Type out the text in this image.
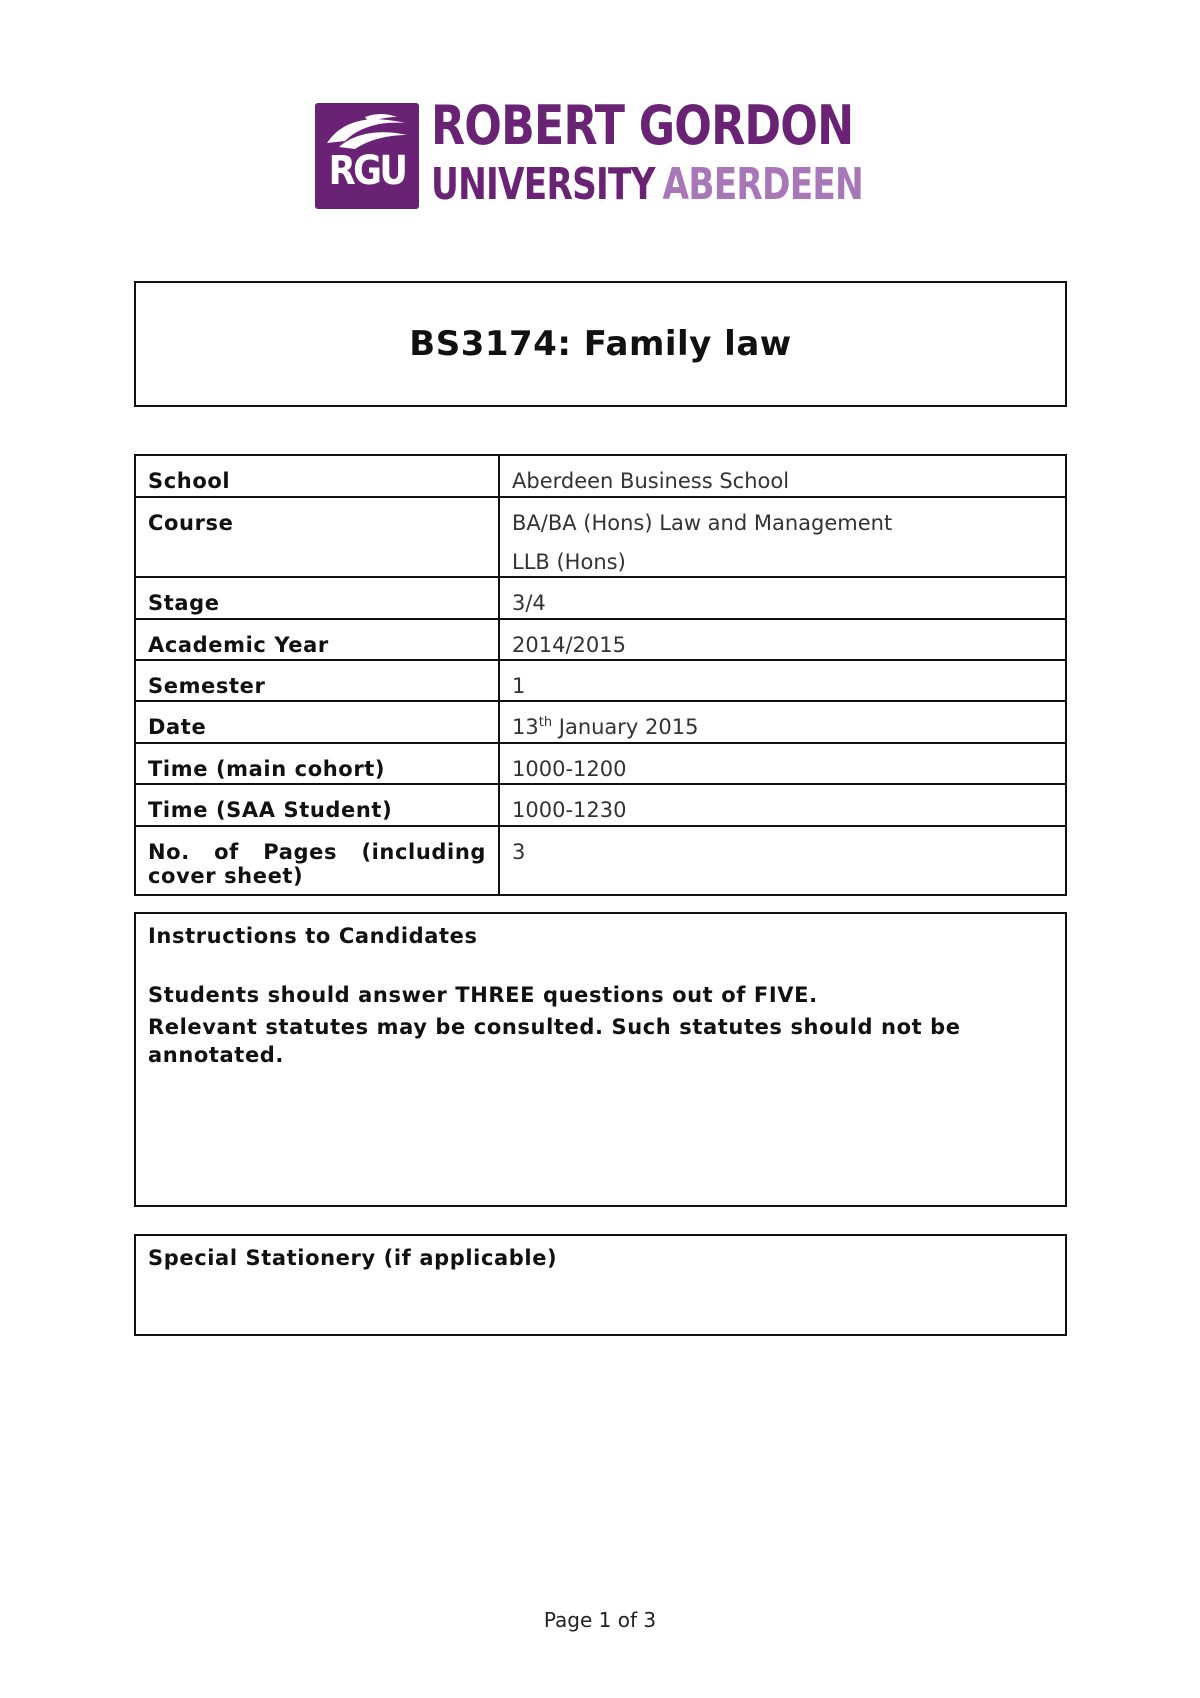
RGU
ROBERT GORDON
UNIVERSITY ABERDEEN
BS3174: Family law
School	Aberdeen Business School
Course	BA/BA (Hons) Law and Management
LLB (Hons)

Stage	3/4
Academic Year	2014/2015
Semester	1
Date	13th January 2015
Time (main cohort)	1000-1200
Time (SAA Student)	1000-1230
No. of Pages (including cover sheet)	3

Instructions to Candidates

Students should answer THREE questions out of FIVE.

Relevant statutes may be consulted. Such statutes should not be annotated.

Special Stationery (if applicable)

Page 1 of 3
